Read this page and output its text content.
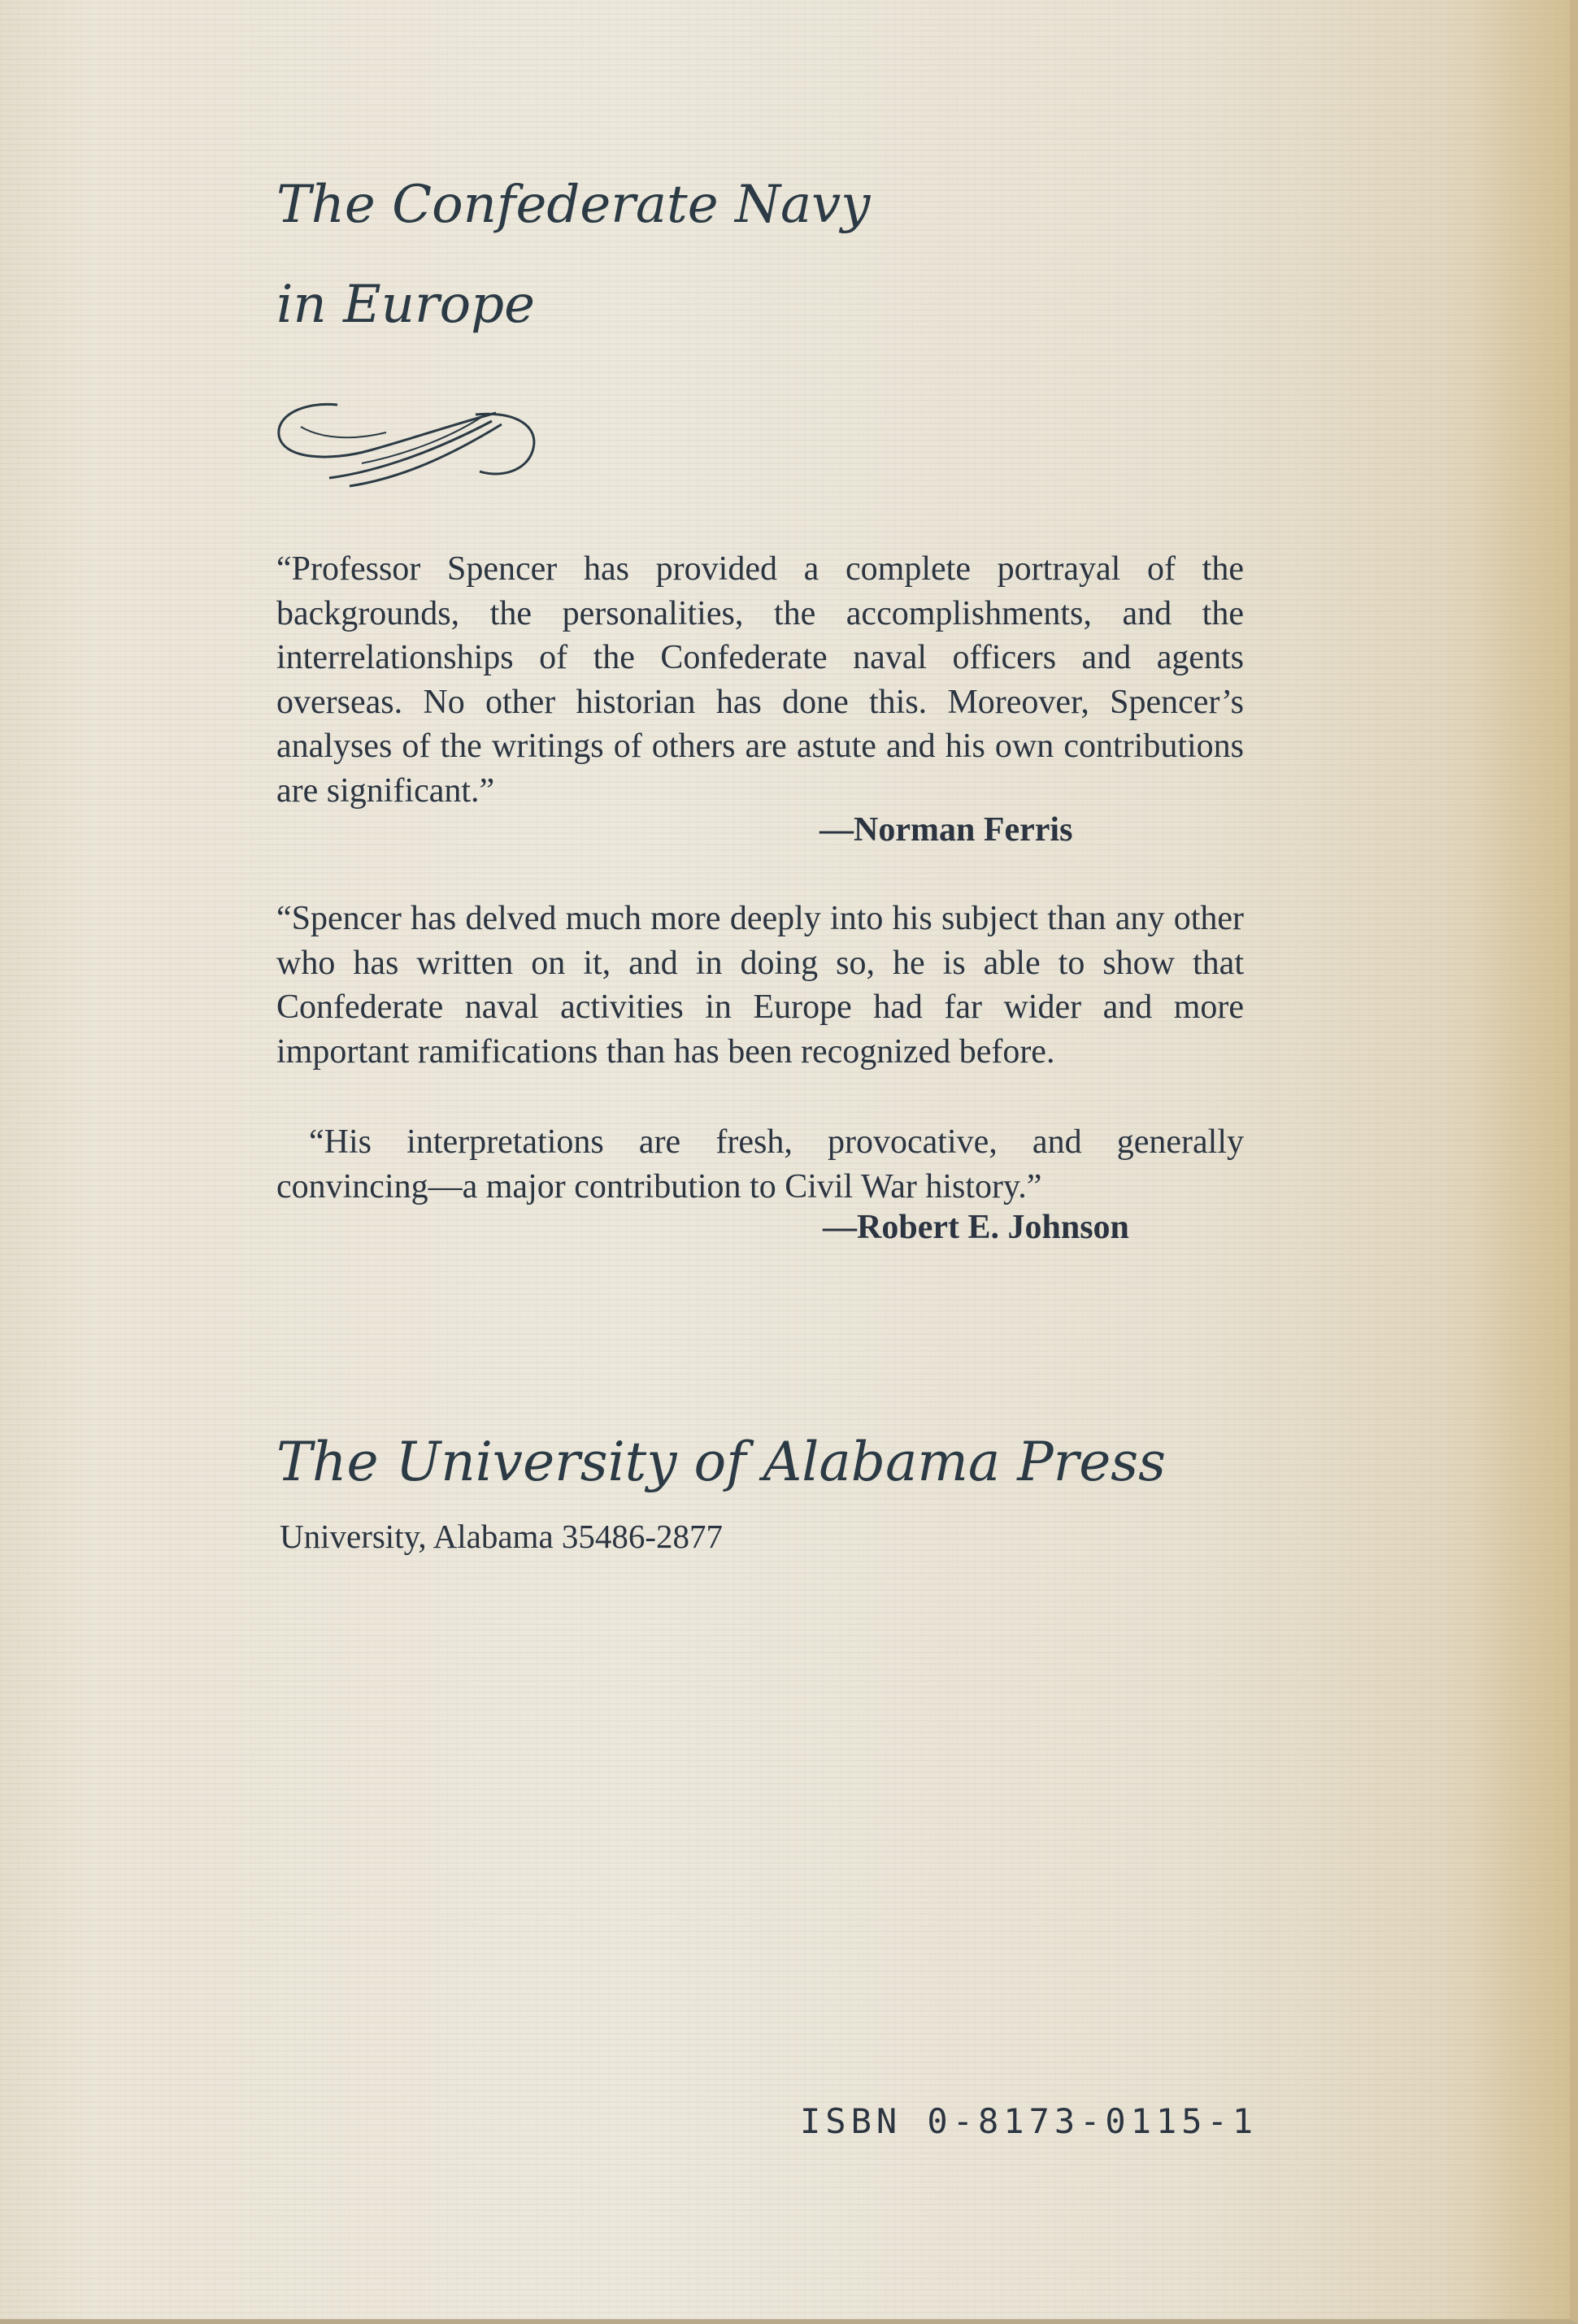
The Confederate Navy
in Europe
“Professor Spencer has provided a complete portrayal of the backgrounds, the personalities, the accomplishments, and the interrelationships of the Confederate naval officers and agents overseas. No other historian has done this. Moreover, Spencer’s analyses of the writings of others are astute and his own contributions are significant.”
—Norman Ferris
“Spencer has delved much more deeply into his subject than any other who has written on it, and in doing so, he is able to show that Confederate naval activities in Europe had far wider and more important ramifications than has been recognized before.
“His interpretations are fresh, provocative, and generally convincing—a major contribution to Civil War history.”
—Robert E. Johnson
The University of Alabama Press
University, Alabama 35486-2877
ISBN 0-8173-0115-1
